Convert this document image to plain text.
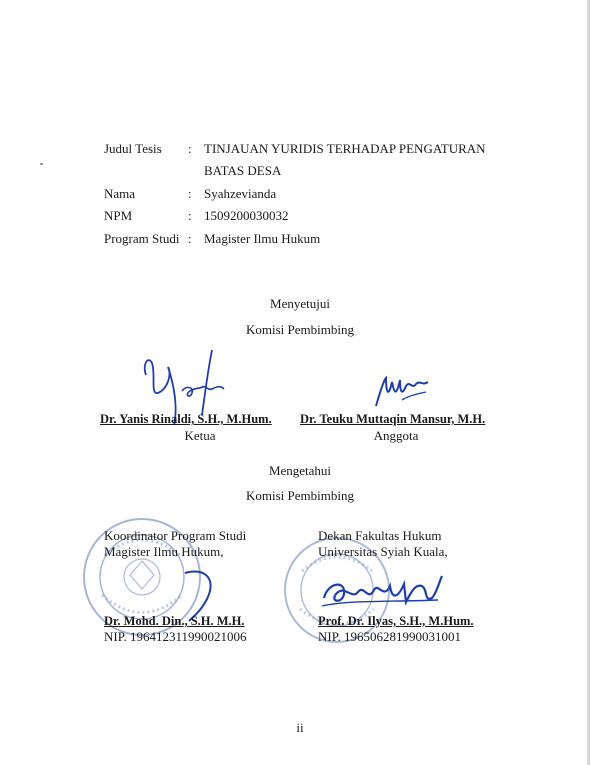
Judul Tesis : TINJAUAN YURIDIS TERHADAP PENGATURAN
BATAS DESA
Nama	: Syahzevianda
NPM	: 1509200030032
Program Studi : Magister Ilmu Hukum
Menyetujui
Komisi Pembimbing
Dr. Yanis Rinaldi, S.H., M.Hum.
Ketua
Dr. Teuku Muttaqin Mansur, M.H.
Anggota
Mengetahui
Komisi Pembimbing
Koordinator Program Studi
Magister Ilmu Hukum,
Dr. Mohd. Din., S.H. M.H.
NIP. 196412311990021006
Dekan Fakultas Hukum
Universitas Syiah Kuala,
Prof. Dr. Ilyas, S.H., M.Hum.
NIP. 196506281990031001
ii
